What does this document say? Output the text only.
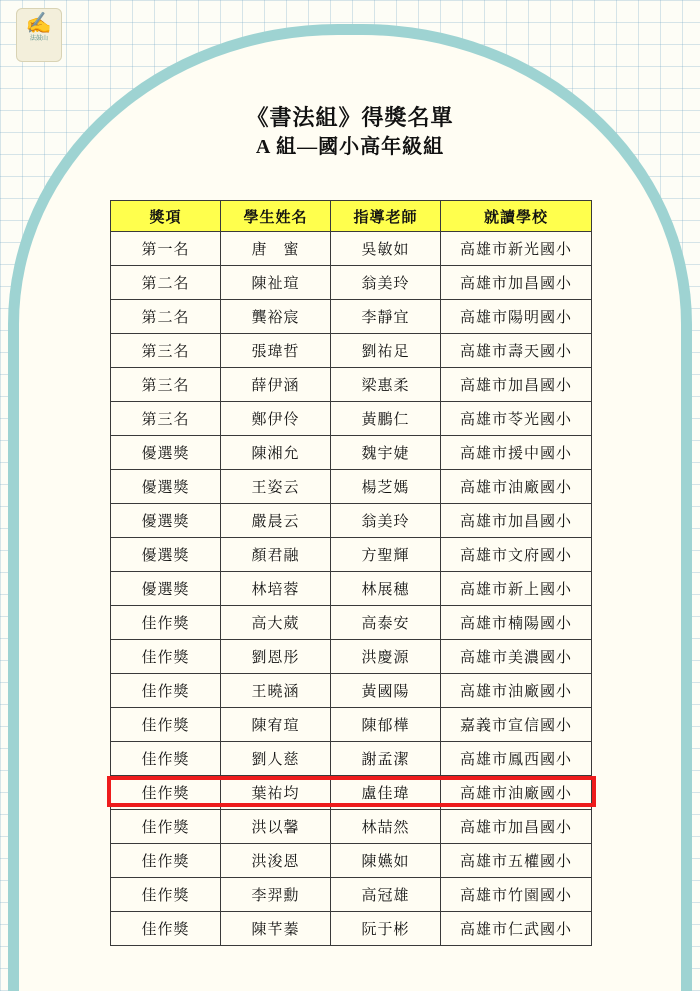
✍
法鼓山
《書法組》得獎名單
A 組—國小高年級組
獎項	學生姓名	指導老師	就讀學校
第一名	唐　蜜	吳敏如	高雄市新光國小
第二名	陳祉瑄	翁美玲	高雄市加昌國小
第二名	龔裕宸	李靜宜	高雄市陽明國小
第三名	張瑋哲	劉祐足	高雄市壽天國小
第三名	薛伊涵	梁惠柔	高雄市加昌國小
第三名	鄭伊伶	黃鵬仁	高雄市苓光國小
優選獎	陳湘允	魏宇婕	高雄市援中國小
優選獎	王姿云	楊芝媽	高雄市油廠國小
優選獎	嚴晨云	翁美玲	高雄市加昌國小
優選獎	顏君融	方聖輝	高雄市文府國小
優選獎	林培蓉	林展穗	高雄市新上國小
佳作獎	高大葳	高泰安	高雄市楠陽國小
佳作獎	劉恩彤	洪慶源	高雄市美濃國小
佳作獎	王曉涵	黃國陽	高雄市油廠國小
佳作獎	陳宥瑄	陳郁樺	嘉義市宣信國小
佳作獎	劉人慈	謝孟潔	高雄市鳳西國小
佳作獎	葉祐均	盧佳瑋	高雄市油廠國小
佳作獎	洪以馨	林喆然	高雄市加昌國小
佳作獎	洪浚恩	陳嬿如	高雄市五權國小
佳作獎	李羿勳	高冠雄	高雄市竹園國小
佳作獎	陳芊蓁	阮于彬	高雄市仁武國小
